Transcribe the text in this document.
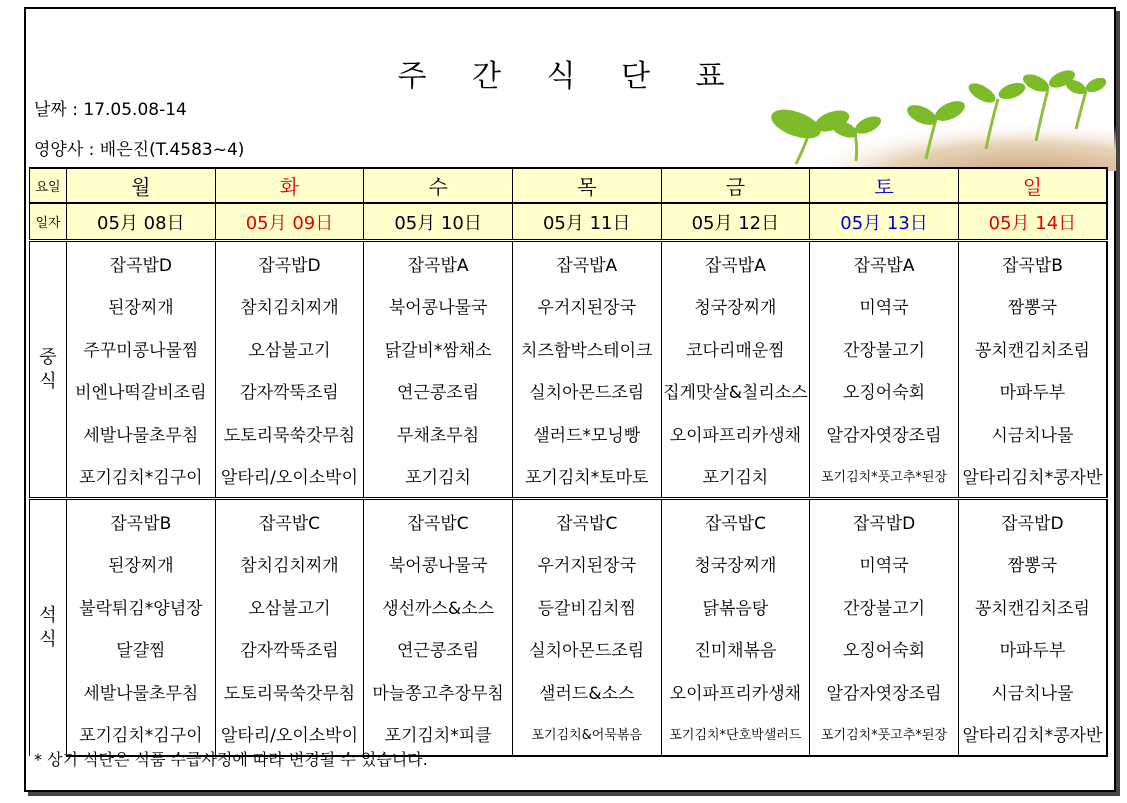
주 간 식 단 표
날짜 : 17.05.08-14
영양사 : 배은진(T.4583~4)
요일	월	화	수	목	금	토	일
일자	05月 08日	05月 09日	05月 10日	05月 11日	05月 12日	05月 13日	05月 14日

중
식	잡곡밥D	잡곡밥D	잡곡밥A	잡곡밥A	잡곡밥A	잡곡밥A	잡곡밥B
	된장찌개	참치김치찌개	북어콩나물국	우거지된장국	청국장찌개	미역국	짬뽕국
	주꾸미콩나물찜	오삼불고기	닭갈비*쌈채소	치즈함박스테이크	코다리매운찜	간장불고기	꽁치캔김치조림
	비엔나떡갈비조림	감자깍뚝조림	연근콩조림	실치아몬드조림	집게맛살&칠리소스	오징어숙회	마파두부
	세발나물초무침	도토리묵쑥갓무침	무채초무침	샐러드*모닝빵	오이파프리카생채	알감자엿장조림	시금치나물
	포기김치*김구이	알타리/오이소박이	포기김치	포기김치*토마토	포기김치	포기김치*풋고추*된장	알타리김치*콩자반

석
식	잡곡밥B	잡곡밥C	잡곡밥C	잡곡밥C	잡곡밥C	잡곡밥D	잡곡밥D
	된장찌개	참치김치찌개	북어콩나물국	우거지된장국	청국장찌개	미역국	짬뽕국
	불락튀김*양념장	오삼불고기	생선까스&소스	등갈비김치찜	닭볶음탕	간장불고기	꽁치캔김치조림
	달걀찜	감자깍뚝조림	연근콩조림	실치아몬드조림	진미채볶음	오징어숙회	마파두부
	세발나물초무침	도토리묵쑥갓무침	마늘쫑고추장무침	샐러드&소스	오이파프리카생채	알감자엿장조림	시금치나물
	포기김치*김구이	알타리/오이소박이	포기김치*피클	포기김치&어묵볶음	포기김치*단호박샐러드	포기김치*풋고추*된장	알타리김치*콩자반
* 상기 식단은 식품 수급사정에 따라 변경될 수 있습니다.
